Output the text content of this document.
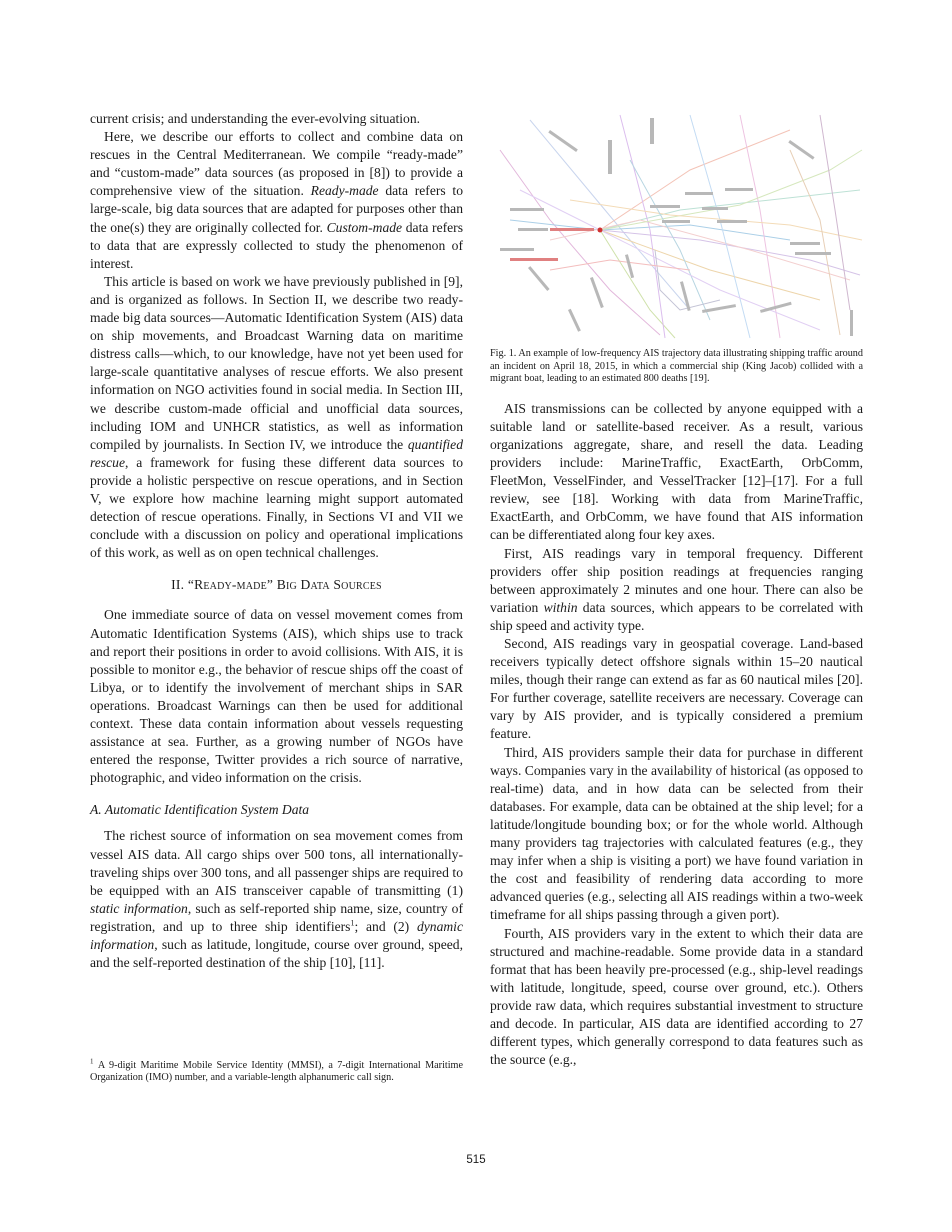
current crisis; and understanding the ever-evolving situation.

Here, we describe our efforts to collect and combine data on rescues in the Central Mediterranean. We compile “ready-made” and “custom-made” data sources (as proposed in [8]) to provide a comprehensive view of the situation. Ready-made data refers to large-scale, big data sources that are adapted for purposes other than the one(s) they are originally collected for. Custom-made data refers to data that are expressly collected to study the phenomenon of interest.

This article is based on work we have previously published in [9], and is organized as follows. In Section II, we describe two ready-made big data sources—Automatic Identification System (AIS) data on ship movements, and Broadcast Warning data on maritime distress calls—which, to our knowledge, have not yet been used for large-scale quantitative analyses of rescue efforts. We also present information on NGO activities found in social media. In Section III, we describe custom-made official and unofficial data sources, including IOM and UNHCR statistics, as well as information compiled by journalists. In Section IV, we introduce the quantified rescue, a framework for fusing these different data sources to provide a holistic perspective on rescue operations, and in Section V, we explore how machine learning might support automated detection of rescue operations. Finally, in Sections VI and VII we conclude with a discussion on policy and operational implications of this work, as well as on open technical challenges.

II. “Ready-made” Big Data Sources

One immediate source of data on vessel movement comes from Automatic Identification Systems (AIS), which ships use to track and report their positions in order to avoid collisions. With AIS, it is possible to monitor e.g., the behavior of rescue ships off the coast of Libya, or to identify the involvement of merchant ships in SAR operations. Broadcast Warnings can then be used for additional context. These data contain information about vessels requesting assistance at sea. Further, as a growing number of NGOs have entered the response, Twitter provides a rich source of narrative, photographic, and video information on the crisis.

A. Automatic Identification System Data

The richest source of information on sea movement comes from vessel AIS data. All cargo ships over 500 tons, all internationally-traveling ships over 300 tons, and all passenger ships are required to be equipped with an AIS transceiver capable of transmitting (1) static information, such as self-reported ship name, size, country of registration, and up to three ship identifiers$^1$; and (2) dynamic information, such as latitude, longitude, course over ground, speed, and the self-reported destination of the ship [10], [11].

$^1$ A 9-digit Maritime Mobile Service Identity (MMSI), a 7-digit International Maritime Organization (IMO) number, and a variable-length alphanumeric call sign.
Fig. 1. An example of low-frequency AIS trajectory data illustrating shipping traffic around an incident on April 18, 2015, in which a commercial ship (King Jacob) collided with a migrant boat, leading to an estimated 800 deaths [19].

AIS transmissions can be collected by anyone equipped with a suitable land or satellite-based receiver. As a result, various organizations aggregate, share, and resell the data. Leading providers include: MarineTraffic, ExactEarth, OrbComm, FleetMon, VesselFinder, and VesselTracker [12]–[17]. For a full review, see [18]. Working with data from MarineTraffic, ExactEarth, and OrbComm, we have found that AIS information can be differentiated along four key axes.

First, AIS readings vary in temporal frequency. Different providers offer ship position readings at frequencies ranging between approximately 2 minutes and one hour. There can also be variation within data sources, which appears to be correlated with ship speed and activity type.

Second, AIS readings vary in geospatial coverage. Land-based receivers typically detect offshore signals within 15–20 nautical miles, though their range can extend as far as 60 nautical miles [20]. For further coverage, satellite receivers are necessary. Coverage can vary by AIS provider, and is typically considered a premium feature.

Third, AIS providers sample their data for purchase in different ways. Companies vary in the availability of historical (as opposed to real-time) data, and in how data can be selected from their databases. For example, data can be obtained at the ship level; for a latitude/longitude bounding box; or for the whole world. Although many providers tag trajectories with calculated features (e.g., they may infer when a ship is visiting a port) we have found variation in the cost and feasibility of rendering data according to more advanced queries (e.g., selecting all AIS readings within a two-week timeframe for all ships passing through a given port).

Fourth, AIS providers vary in the extent to which their data are structured and machine-readable. Some provide data in a standard format that has been heavily pre-processed (e.g., ship-level readings with latitude, longitude, speed, course over ground, etc.). Others provide raw data, which requires substantial investment to structure and decode. In particular, AIS data are identified according to 27 different types, which generally correspond to data features such as the source (e.g.,

515
